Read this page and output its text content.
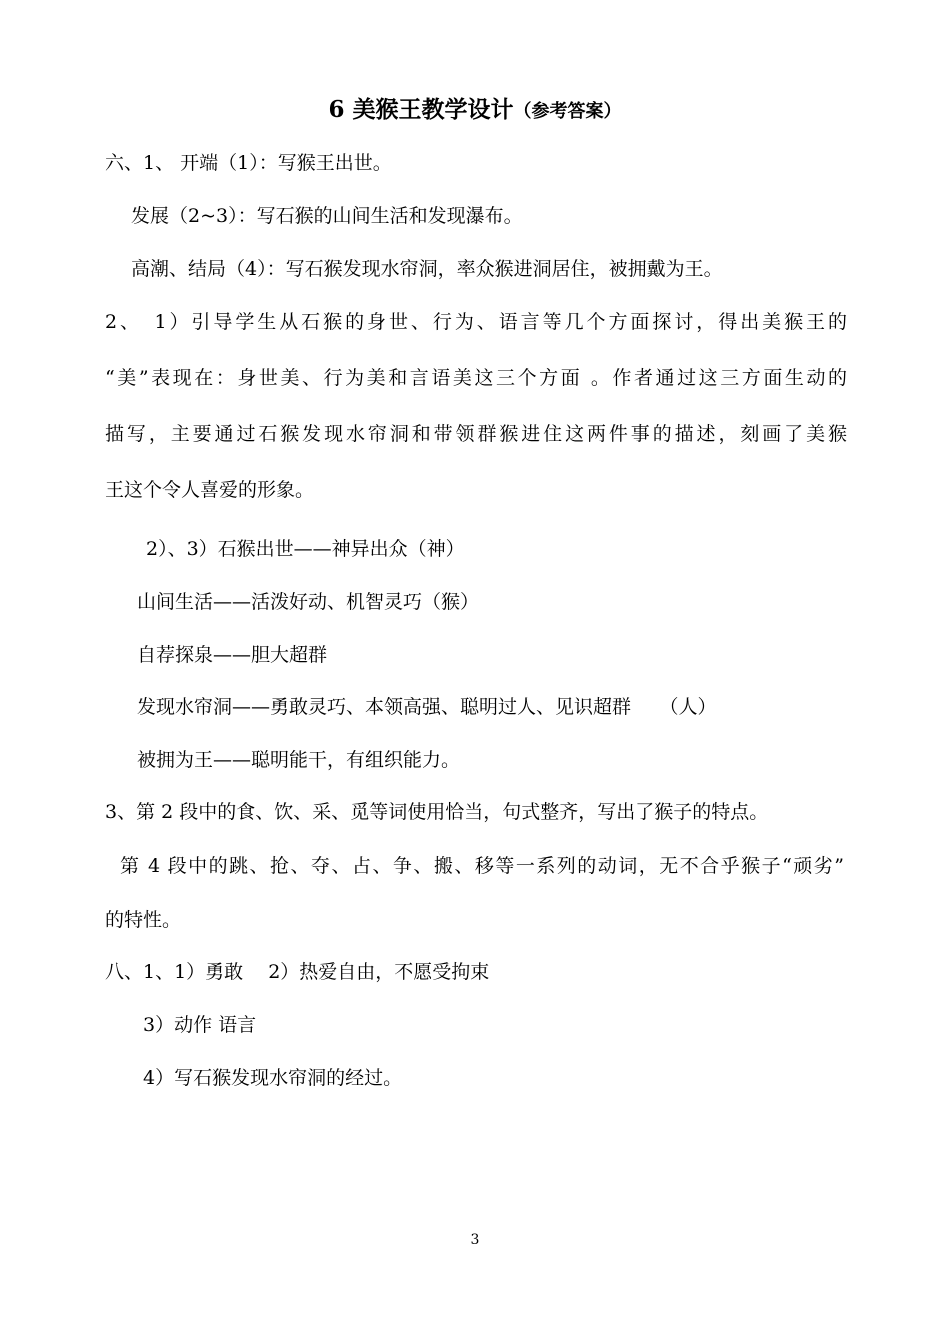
6 美猴王教学设计（参考答案）
六、1、 开端（1）：写猴王出世。
发展（2~3）：写石猴的山间生活和发现瀑布。
高潮、结局（4）：写石猴发现水帘洞，率众猴进洞居住，被拥戴为王。
2、　1）引导学生从石猴的身世、行为、语言等几个方面探讨，得出美猴王的
“美”表现在：身世美、行为美和言语美这三个方面 。作者通过这三方面生动的
描写，主要通过石猴发现水帘洞和带领群猴进住这两件事的描述，刻画了美猴
王这个令人喜爱的形象。
2）、3）石猴出世——神异出众（神）
山间生活——活泼好动、机智灵巧（猴）
自荐探泉——胆大超群
发现水帘洞——勇敢灵巧、本领高强、聪明过人、见识超群　　（人）
被拥为王——聪明能干，有组织能力。
3、第 2 段中的食、饮、采、觅等词使用恰当，句式整齐，写出了猴子的特点。
第 4 段中的跳、抢、夺、占、争、搬、移等一系列的动词，无不合乎猴子“顽劣”
的特性。
八、1、1）勇敢　 2）热爱自由，不愿受拘束
3）动作 语言
4）写石猴发现水帘洞的经过。
3
